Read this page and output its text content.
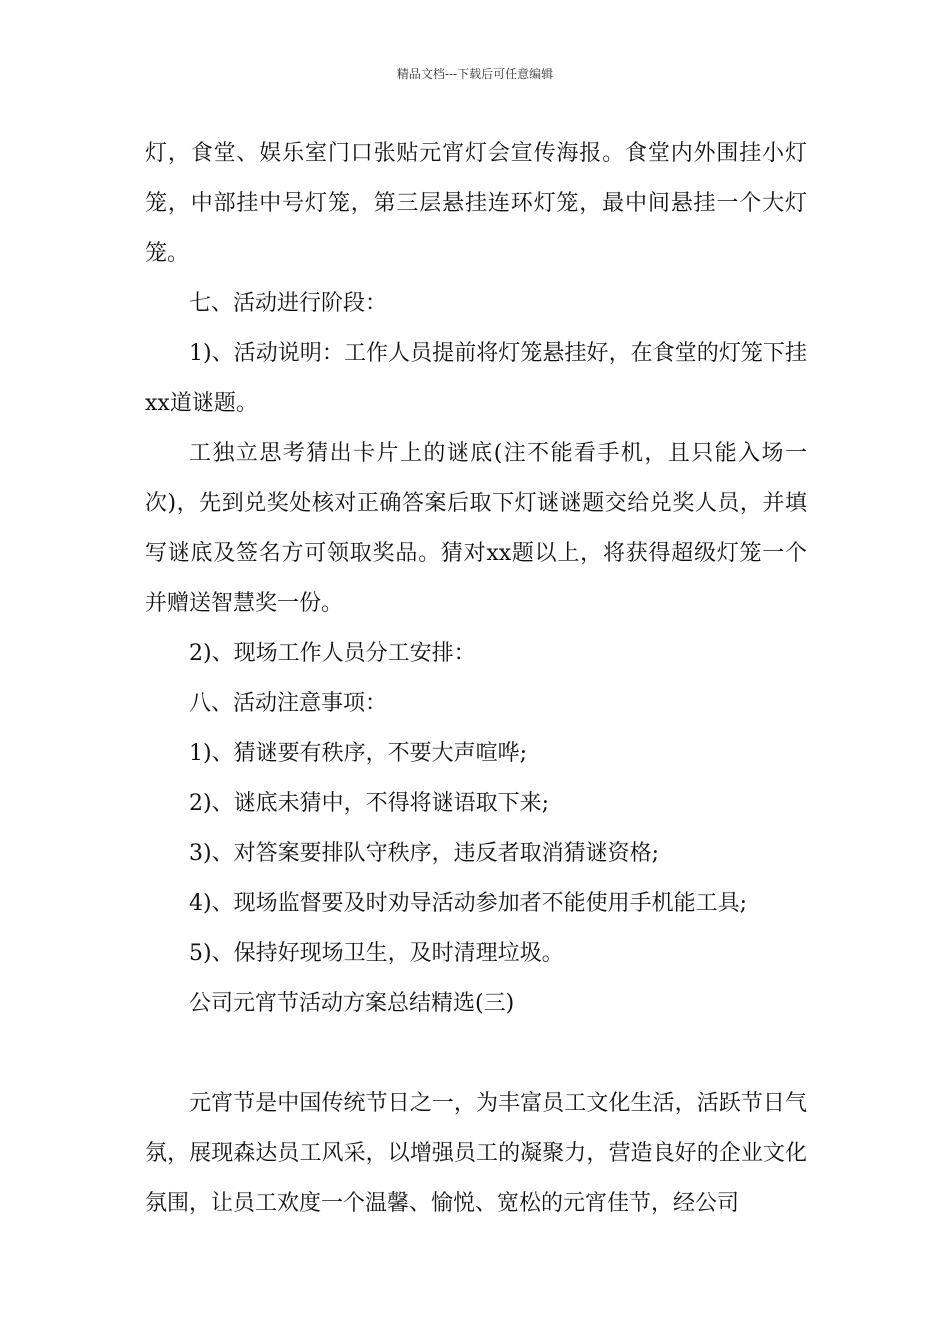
精品文档---下载后可任意编辑

灯，食堂、娱乐室门口张贴元宵灯会宣传海报。食堂内外围挂小灯笼，中部挂中号灯笼，第三层悬挂连环灯笼，最中间悬挂一个大灯笼。

七、活动进行阶段：

1)、活动说明：工作人员提前将灯笼悬挂好，在食堂的灯笼下挂xx道谜题。

工独立思考猜出卡片上的谜底(注不能看手机，且只能入场一次)，先到兑奖处核对正确答案后取下灯谜谜题交给兑奖人员，并填写谜底及签名方可领取奖品。猜对xx题以上，将获得超级灯笼一个并赠送智慧奖一份。

2)、现场工作人员分工安排：

八、活动注意事项：

1)、猜谜要有秩序，不要大声喧哗;

2)、谜底未猜中，不得将谜语取下来;

3)、对答案要排队守秩序，违反者取消猜谜资格;

4)、现场监督要及时劝导活动参加者不能使用手机能工具;

5)、保持好现场卫生，及时清理垃圾。

公司元宵节活动方案总结精选(三)

元宵节是中国传统节日之一，为丰富员工文化生活，活跃节日气氛，展现森达员工风采，以增强员工的凝聚力，营造良好的企业文化氛围，让员工欢度一个温馨、愉悦、宽松的元宵佳节，经公司
